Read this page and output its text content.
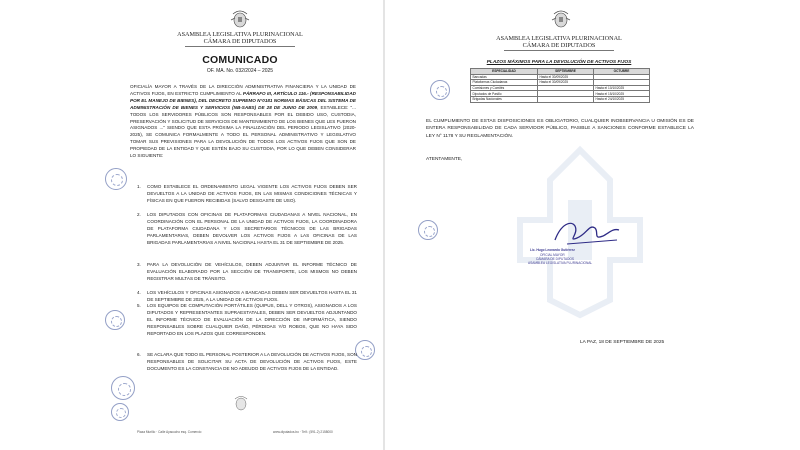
ASAMBLEA LEGISLATIVA PLURINACIONAL
CÁMARA DE DIPUTADOS
COMUNICADO
OF. MA. No. 032/2024 – 2025
OFICIALÍA MAYOR A TRAVÉS DE LA DIRECCIÓN ADMINISTRATIVA FINANCIERA Y LA UNIDAD DE ACTIVOS FIJOS, EN ESTRICTO CUMPLIMIENTO AL PÁRRAFO III, ARTÍCULO 116.- (RESPONSABILIDAD POR EL MANEJO DE BIENES), DEL DECRETO SUPREMO N°0181 NORMAS BÁSICAS DEL SISTEMA DE ADMINISTRACIÓN DE BIENES Y SERVICIOS (NB-SABS) DE 28 DE JUNIO DE 2009, ESTABLECE: "... TODOS LOS SERVIDORES PÚBLICOS SON RESPONSABLES POR EL DEBIDO USO, CUSTODIA, PRESERVACIÓN Y SOLICITUD DE SERVICIOS DE MANTENIMIENTO DE LOS BIENES QUE LES FUERON ASIGNADOS ..." SIENDO QUE ESTA PRÓXIMA LA FINALIZACIÓN DEL PERIODO LEGISLATIVO (2020-2025), SE COMUNICA FORMALMENTE A TODO EL PERSONAL ADMINISTRATIVO Y LEGISLATIVO TOMAR SUS PREVISIONES PARA LA DEVOLUCIÓN DE TODOS LOS ACTIVOS FIJOS QUE SON DE PROPIEDAD DE LA ENTIDAD Y QUE ESTÉN BAJO SU CUSTODIA, POR LO QUE DEBEN CONSIDERAR LO SIGUIENTE:
Plaza Murillo · Calle Ayacucho esq. Comercio	www.diputados.bo · Telf.: (591-2) 2158000
1. COMO ESTABLECE EL ORDENAMIENTO LEGAL VIGENTE LOS ACTIVOS FIJOS DEBEN SER DEVUELTOS A LA UNIDAD DE ACTIVOS FIJOS, EN LAS MISMAS CONDICIONES TÉCNICAS Y FÍSICAS EN QUE FUERON RECIBIDAS (SALVO DESGASTE DE USO).
2. LOS DIPUTADOS CON OFICINAS DE PLATAFORMAS CIUDADANAS A NIVEL NACIONAL, EN COORDINACIÓN CON EL PERSONAL DE LA UNIDAD DE ACTIVOS FIJOS, LA COORDINADORA DE PLATAFORMA CIUDADANA Y LOS SECRETARIOS TÉCNICOS DE LAS BRIGADAS PARLAMENTARIAS, DEBEN DEVOLVER LOS ACTIVOS FIJOS A LAS OFICINAS DE LAS BRIGADAS PARLAMENTARIAS A NIVEL NACIONAL HASTA EL 31 DE SEPTIEMBRE DE 2025.
3. PARA LA DEVOLUCIÓN DE VEHÍCULOS, DEBEN ADJUNTAR EL INFORME TÉCNICO DE EVALUACIÓN ELABORADO POR LA SECCIÓN DE TRANSPORTE, LOS MISMOS NO DEBEN REGISTRAR MULTAS DE TRÁNSITO.
4. LOS VEHÍCULOS Y OFICINAS ASIGNADOS A BANCADAS DEBEN SER DEVUELTOS HASTA EL 31 DE SEPTIEMBRE DE 2025, A LA UNIDAD DE ACTIVOS FIJOS.
5. LOS EQUIPOS DE COMPUTACIÓN PORTÁTILES (QUIPUS, DELL Y OTROS), ASIGNADOS A LOS DIPUTADOS Y REPRESENTANTES SUPRAESTATALES, DEBEN SER DEVUELTOS ADJUNTANDO EL INFORME TÉCNICO DE EVALUACIÓN DE LA DIRECCIÓN DE INFORMÁTICA, SIENDO RESPONSABLES SOBRE CUALQUIER DAÑO, PÉRDIDAS Y/O ROBOS, QUE NO HAYA SIDO REPORTADO EN LOS PLAZOS QUE CORRESPONDEN.
6. SE ACLARA QUE TODO EL PERSONAL POSTERIOR A LA DEVOLUCIÓN DE ACTIVOS FIJOS, SON RESPONSABLES DE SOLICITAR SU ACTA DE DEVOLUCIÓN DE ACTIVOS FIJOS, ESTE DOCUMENTO ES LA CONSTANCIA DE NO ADEUDO DE ACTIVOS FIJOS DE LA ENTIDAD.
ASAMBLEA LEGISLATIVA PLURINACIONAL
CÁMARA DE DIPUTADOS
PLAZOS MÁXIMOS PARA LA DEVOLUCIÓN DE ACTIVOS FIJOS
ESPECIALIDAD	SEPTIEMBRE	OCTUBRE
Bancadas	Hasta el 30/09/2025	
Plataformas Ciudadanas	Hasta el 30/09/2025	
Comisiones y Comités		Hasta el 10/10/2025
Diputados de Pasillo		Hasta el 15/10/2025
Brigadas Nacionales		Hasta el 24/10/2025
EL CUMPLIMIENTO DE ESTAS DISPOSICIONES ES OBLIGATORIO, CUALQUIER INOBSERVANCIA U OMISIÓN ES DE ENTERA RESPONSABILIDAD DE CADA SERVIDOR PÚBLICO, PASIBLE A SANCIONES CONFORME ESTABLECE LA LEY N° 1178 Y SU REGLAMENTACIÓN.
ATENTAMENTE,
Lic. Hugo Leonardo Gutiérrez
OFICIAL MAYOR
CÁMARA DE DIPUTADOS
ASAMBLEA LEGISLATIVA PLURINACIONAL
LA PAZ, 18 DE SEPTIEMBRE DE 2025
